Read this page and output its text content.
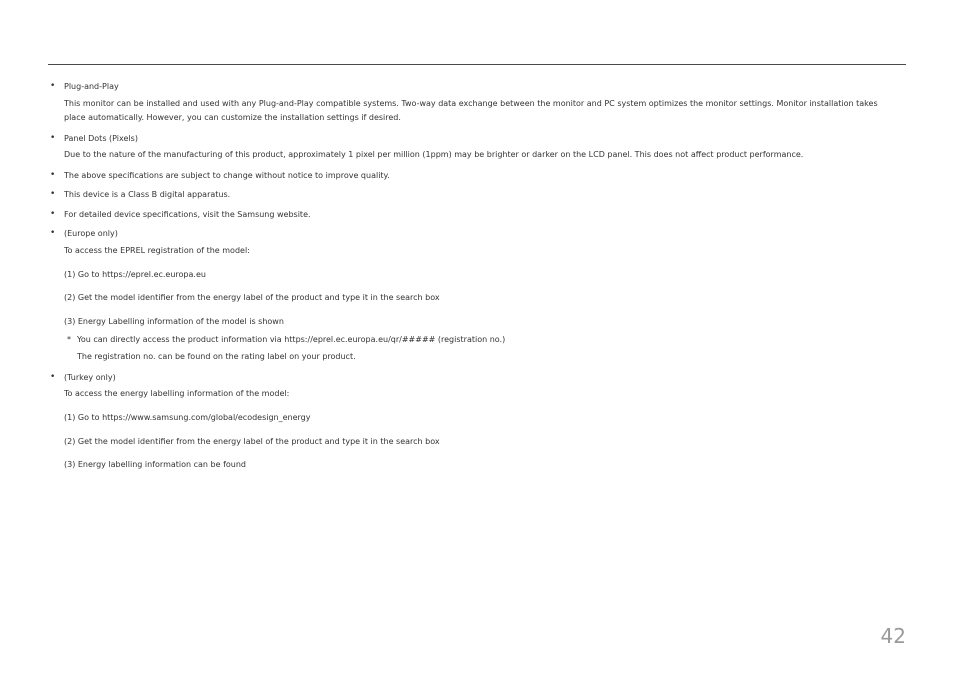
• Plug-and-Play
This monitor can be installed and used with any Plug-and-Play compatible systems. Two-way data exchange between the monitor and PC system optimizes the monitor settings. Monitor installation takes place automatically. However, you can customize the installation settings if desired.
• Panel Dots (Pixels)
Due to the nature of the manufacturing of this product, approximately 1 pixel per million (1ppm) may be brighter or darker on the LCD panel. This does not affect product performance.
• The above specifications are subject to change without notice to improve quality.
• This device is a Class B digital apparatus.
• For detailed device specifications, visit the Samsung website.
• (Europe only)
To access the EPREL registration of the model:
(1) Go to https://eprel.ec.europa.eu
(2) Get the model identifier from the energy label of the product and type it in the search box
(3) Energy Labelling information of the model is shown
* You can directly access the product information via https://eprel.ec.europa.eu/qr/##### (registration no.)
The registration no. can be found on the rating label on your product.
• (Turkey only)
To access the energy labelling information of the model:
(1) Go to https://www.samsung.com/global/ecodesign_energy
(2) Get the model identifier from the energy label of the product and type it in the search box
(3) Energy labelling information can be found
42
